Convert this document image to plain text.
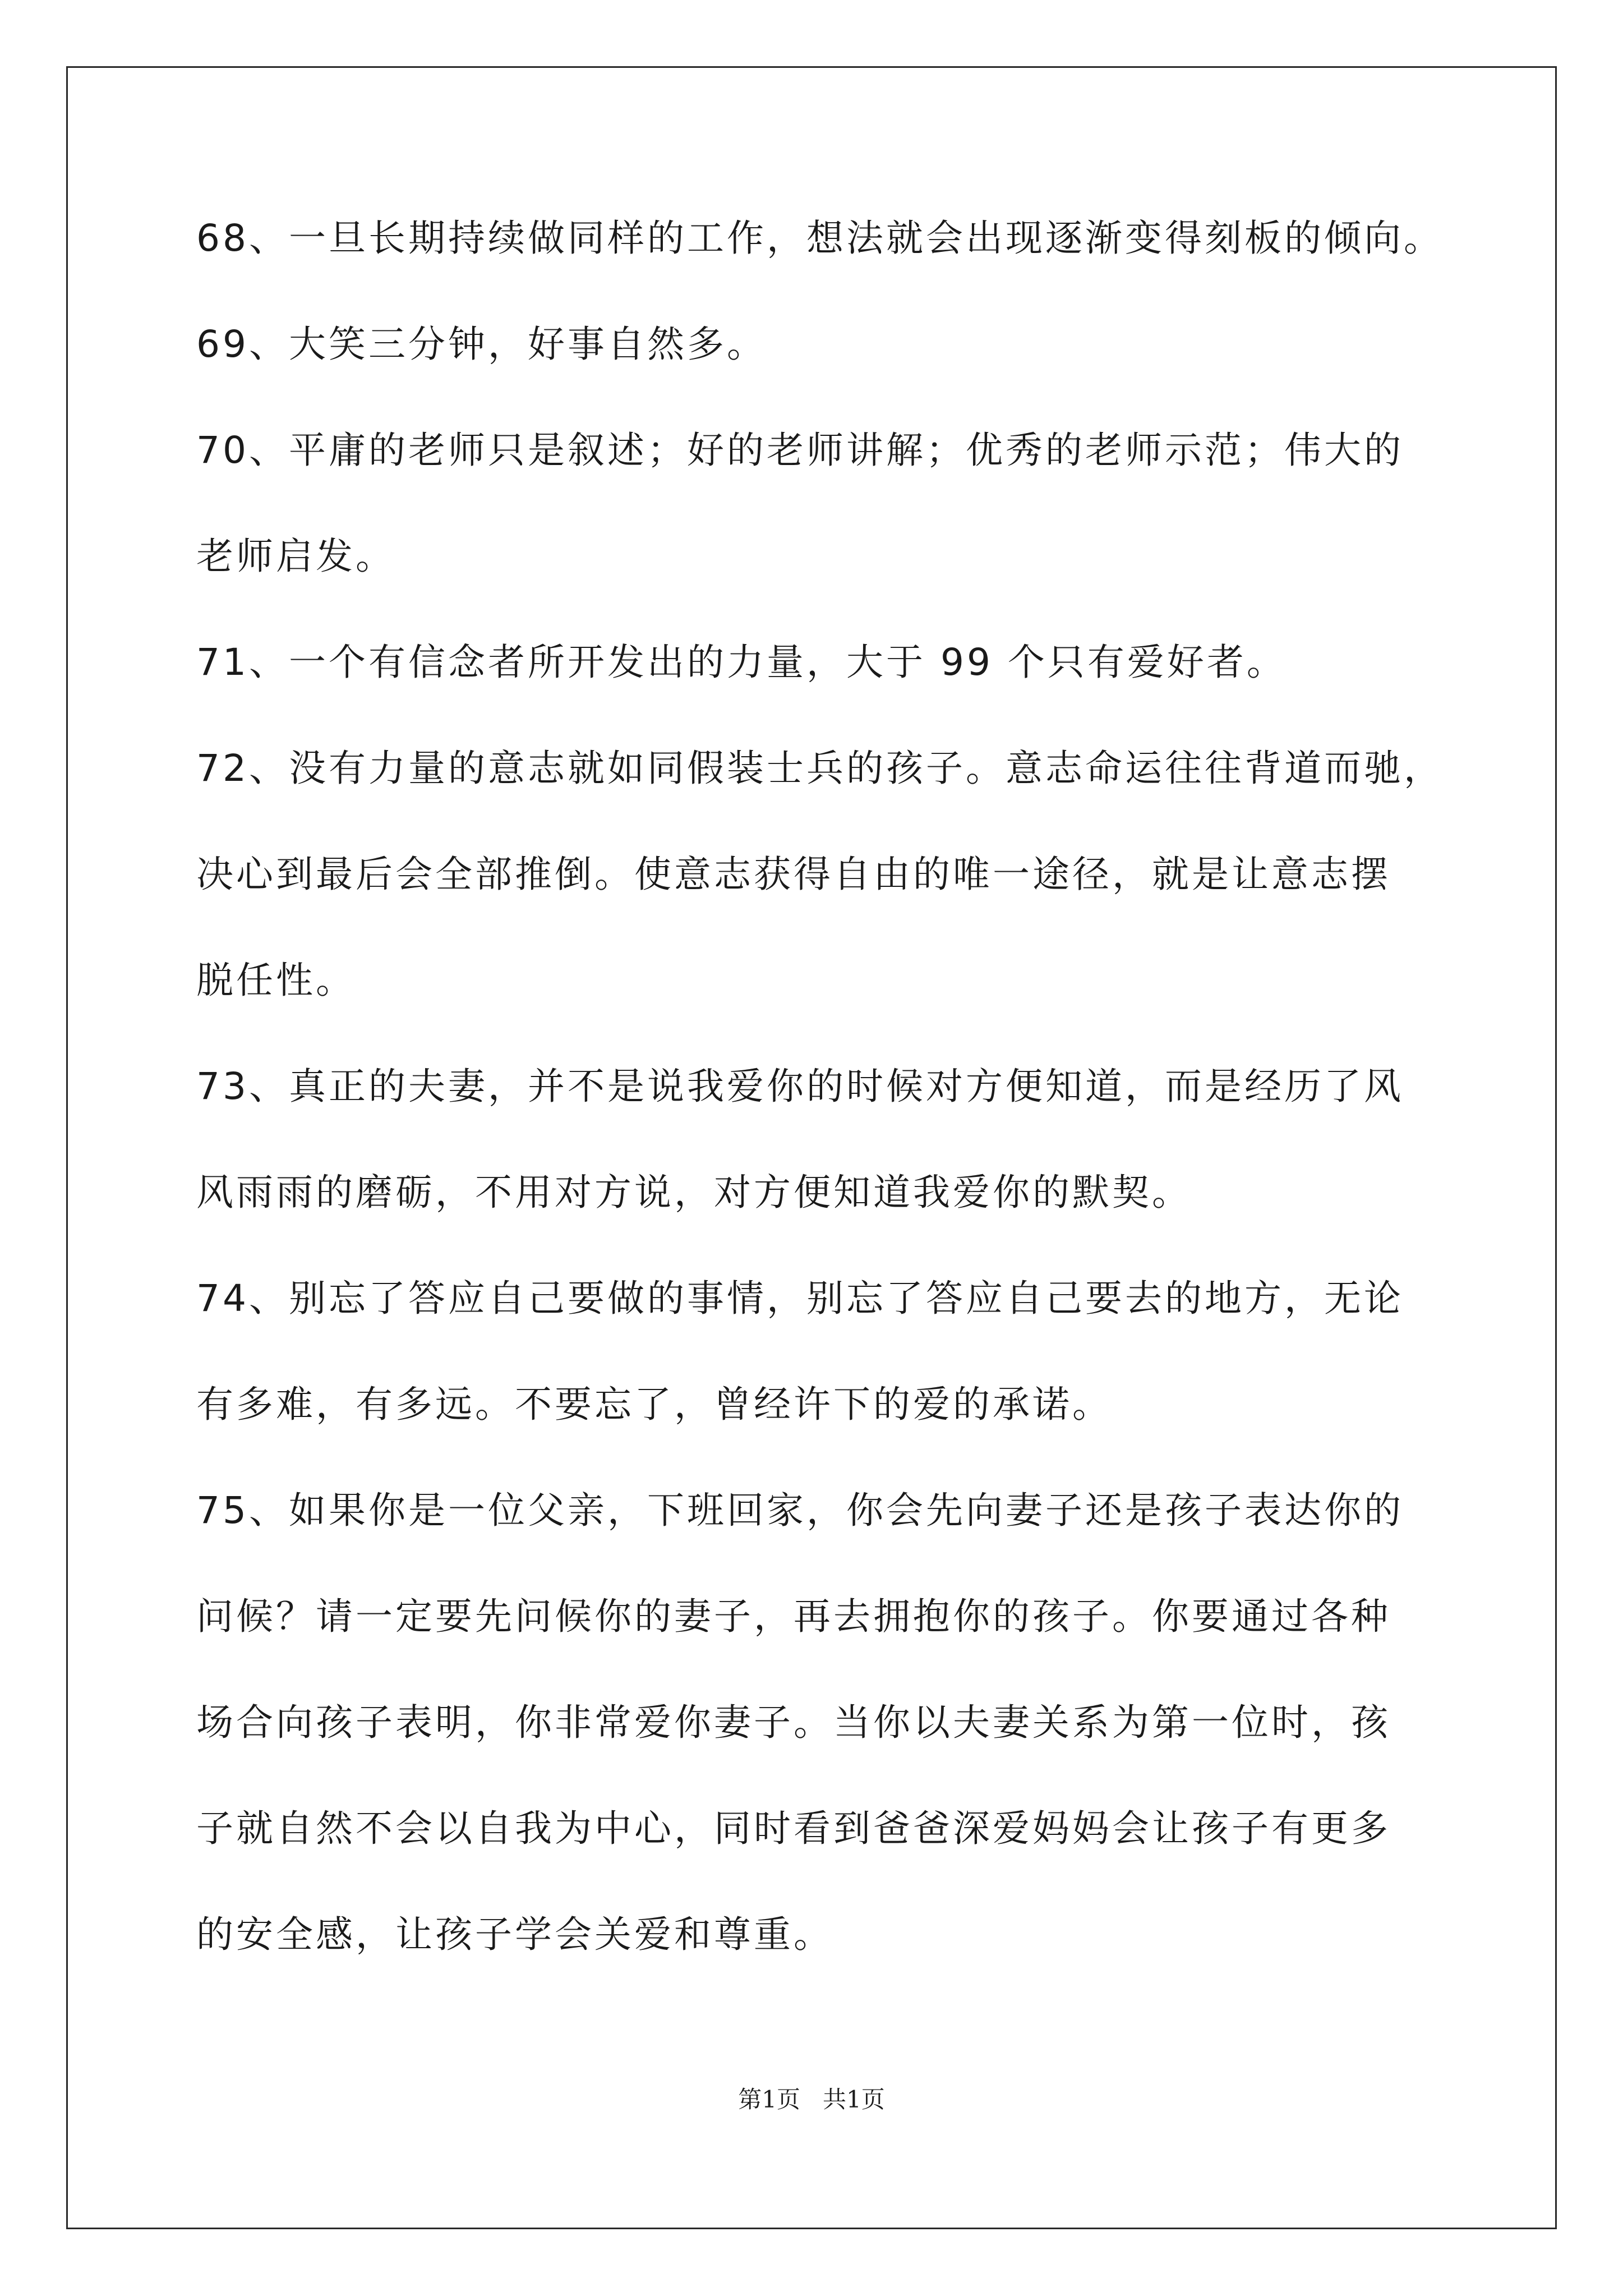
68、一旦长期持续做同样的工作，想法就会出现逐渐变得刻板的倾向。
69、大笑三分钟，好事自然多。
70、平庸的老师只是叙述；好的老师讲解；优秀的老师示范；伟大的
老师启发。
71、一个有信念者所开发出的力量，大于 99 个只有爱好者。
72、没有力量的意志就如同假装士兵的孩子。意志命运往往背道而驰，
决心到最后会全部推倒。使意志获得自由的唯一途径，就是让意志摆
脱任性。
73、真正的夫妻，并不是说我爱你的时候对方便知道，而是经历了风
风雨雨的磨砺，不用对方说，对方便知道我爱你的默契。
74、别忘了答应自己要做的事情，别忘了答应自己要去的地方，无论
有多难，有多远。不要忘了，曾经许下的爱的承诺。
75、如果你是一位父亲，下班回家，你会先向妻子还是孩子表达你的
问候？请一定要先问候你的妻子，再去拥抱你的孩子。你要通过各种
场合向孩子表明，你非常爱你妻子。当你以夫妻关系为第一位时，孩
子就自然不会以自我为中心，同时看到爸爸深爱妈妈会让孩子有更多
的安全感，让孩子学会关爱和尊重。
第1页   共1页
